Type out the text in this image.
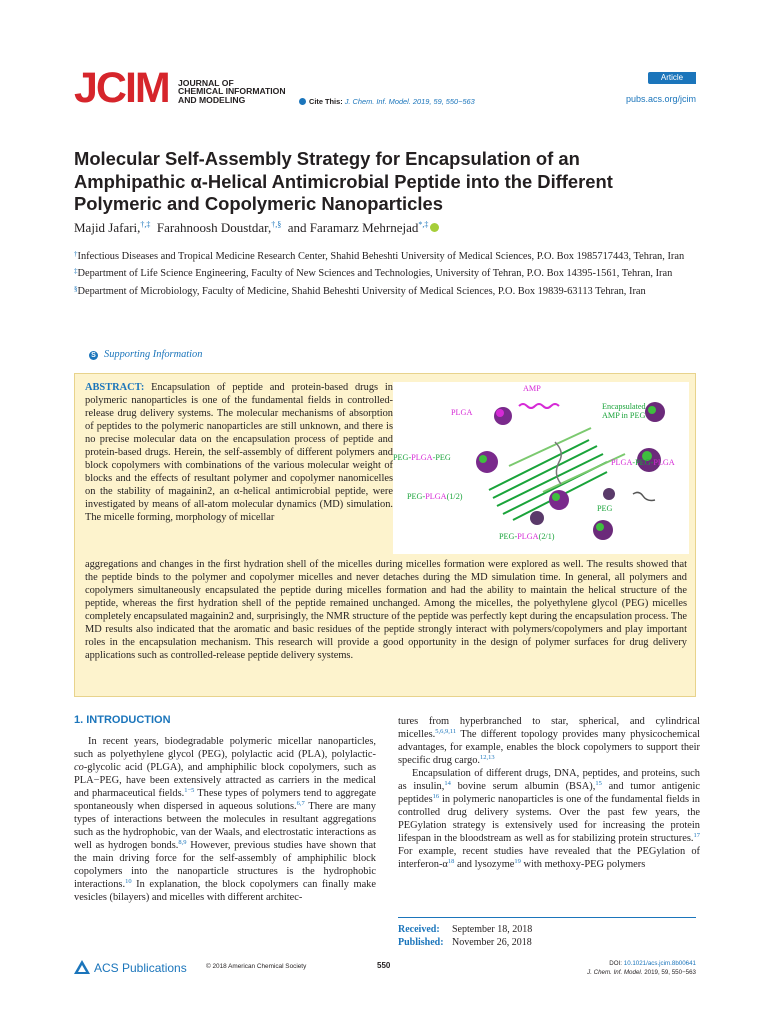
JCIM JOURNAL OF
CHEMICAL INFORMATION
AND MODELING	Cite This: J. Chem. Inf. Model. 2019, 59, 550−563
Article
pubs.acs.org/jcim
Molecular Self-Assembly Strategy for Encapsulation of an Amphipathic α-Helical Antimicrobial Peptide into the Different Polymeric and Copolymeric Nanoparticles
Majid Jafari,†,‡ Farahnoosh Doustdar,†,§ and Faramarz Mehrnejad*,‡
†Infectious Diseases and Tropical Medicine Research Center, Shahid Beheshti University of Medical Sciences, P.O. Box 1985717443, Tehran, Iran
‡Department of Life Science Engineering, Faculty of New Sciences and Technologies, University of Tehran, P.O. Box 14395-1561, Tehran, Iran
§Department of Microbiology, Faculty of Medicine, Shahid Beheshti University of Medical Sciences, P.O. Box 19839-63113 Tehran, Iran
S Supporting Information
ABSTRACT: Encapsulation of peptide and protein-based drugs in polymeric nanoparticles is one of the fundamental fields in controlled-release drug delivery systems. The molecular mechanisms of absorption of peptides to the polymeric nanoparticles are still unknown, and there is no precise molecular data on the encapsulation process of peptide and protein-based drugs. Herein, the self-assembly of different polymers and block copolymers with combinations of the various molecular weight of blocks and the effects of resultant polymer and copolymer nanomicelles on the stability of magainin2, an α-helical antimicrobial peptide, were investigated by means of all-atom molecular dynamics (MD) simulation. The micelle forming, morphology of micellar
AMP
PLGA
Encapsulated
AMP in PEG
PEG-PLGA-PEG
PLGA-PEG-PLGA
PEG-PLGA(1/2)
PEG
PEG-PLGA(2/1)
aggregations and changes in the first hydration shell of the micelles during micelles formation were explored as well. The results showed that the peptide binds to the polymer and copolymer micelles and never detaches during the MD simulation time. In general, all polymers and copolymers simultaneously encapsulated the peptide during micelles formation and had the ability to maintain the helical structure of the peptide, whereas the first hydration shell of the peptide remained unchanged. Among the micelles, the polyethylene glycol (PEG) micelles completely encapsulated magainin2 and, surprisingly, the NMR structure of the peptide was perfectly kept during the encapsulation process. The MD results also indicated that the aromatic and basic residues of the peptide strongly interact with polymers/copolymers and play important roles in the encapsulation mechanism. This research will provide a good opportunity in the design of polymer surfaces for drug delivery applications such as controlled-release peptide delivery systems.
1. INTRODUCTION
In recent years, biodegradable polymeric micellar nanoparticles, such as polyethylene glycol (PEG), polylactic acid (PLA), polylactic-co-glycolic acid (PLGA), and amphiphilic block copolymers, such as PLA−PEG, have been extensively attracted as carriers in the medical and pharmaceutical fields.$^{1-5}$ These types of polymers tend to aggregate spontaneously when dispersed in aqueous solutions.$^{6,7}$ There are many types of interactions between the molecules in resultant aggregations such as the hydrophobic, van der Waals, and electrostatic interactions as well as hydrogen bonds.$^{8,9}$ However, previous studies have shown that the main driving force for the self-assembly of amphiphilic block copolymers into the nanoparticle structures is the hydrophobic interactions.$^{10}$ In explanation, the block copolymers can finally make vesicles (bilayers) and micelles with different architec-
tures from hyperbranched to star, spherical, and cylindrical micelles.$^{5,6,9,11}$ The different topology provides many physicochemical advantages, for example, enables the block copolymers to support their specific drug cargo.$^{12,13}$
Encapsulation of different drugs, DNA, peptides, and proteins, such as insulin,$^{14}$ bovine serum albumin (BSA),$^{15}$ and tumor antigenic peptides$^{16}$ in polymeric nanoparticles is one of the fundamental fields in controlled drug delivery systems. Over the past few years, the PEGylation strategy is extensively used for increasing the protein lifespan in the bloodstream as well as for stabilizing protein structures.$^{17}$ For example, recent studies have revealed that the PEGylation of interferon-$\alpha^{18}$ and lysozyme$^{19}$ with methoxy-PEG polymers
Received: September 18, 2018
Published: November 26, 2018
ACS Publications	© 2018 American Chemical Society	550	DOI: 10.1021/acs.jcim.8b00641
J. Chem. Inf. Model. 2019, 59, 550−563
